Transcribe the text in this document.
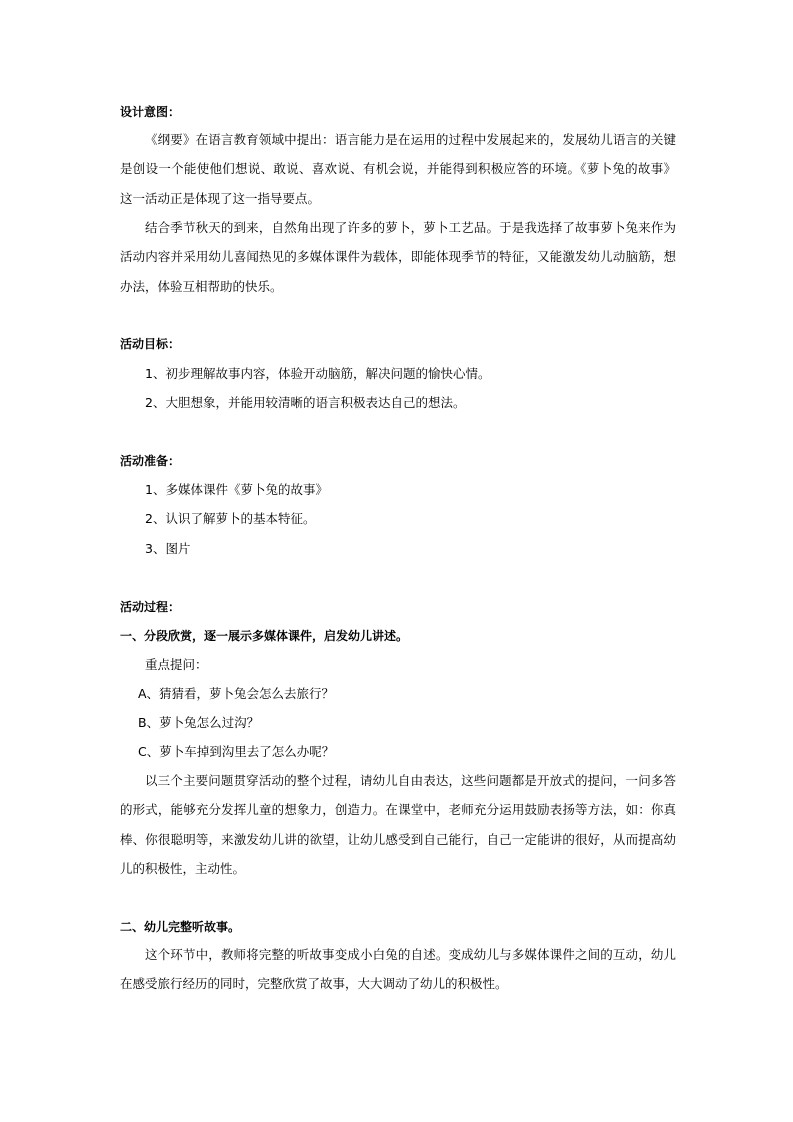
设计意图：

《纲要》在语言教育领域中提出：语言能力是在运用的过程中发展起来的，发展幼儿语言的关键是创设一个能使他们想说、敢说、喜欢说、有机会说，并能得到积极应答的环境。《萝卜兔的故事》这一活动正是体现了这一指导要点。

结合季节秋天的到来，自然角出现了许多的萝卜，萝卜工艺品。于是我选择了故事萝卜兔来作为活动内容并采用幼儿喜闻热见的多媒体课件为载体，即能体现季节的特征，又能激发幼儿动脑筋，想办法，体验互相帮助的快乐。

活动目标：
1、初步理解故事内容，体验开动脑筋，解决问题的愉快心情。
2、大胆想象，并能用较清晰的语言积极表达自己的想法。
活动准备：
1、多媒体课件《萝卜兔的故事》
2、认识了解萝卜的基本特征。
3、图片
活动过程：
一、分段欣赏，逐一展示多媒体课件，启发幼儿讲述。
重点提问：
A、猜猜看，萝卜兔会怎么去旅行？
B、萝卜兔怎么过沟？
C、萝卜车掉到沟里去了怎么办呢？

以三个主要问题贯穿活动的整个过程，请幼儿自由表达，这些问题都是开放式的提问，一问多答的形式，能够充分发挥儿童的想象力，创造力。在课堂中，老师充分运用鼓励表扬等方法，如：你真棒、你很聪明等，来激发幼儿讲的欲望，让幼儿感受到自己能行，自己一定能讲的很好，从而提高幼儿的积极性，主动性。

二、幼儿完整听故事。

这个环节中，教师将完整的听故事变成小白兔的自述。变成幼儿与多媒体课件之间的互动，幼儿在感受旅行经历的同时，完整欣赏了故事，大大调动了幼儿的积极性。
